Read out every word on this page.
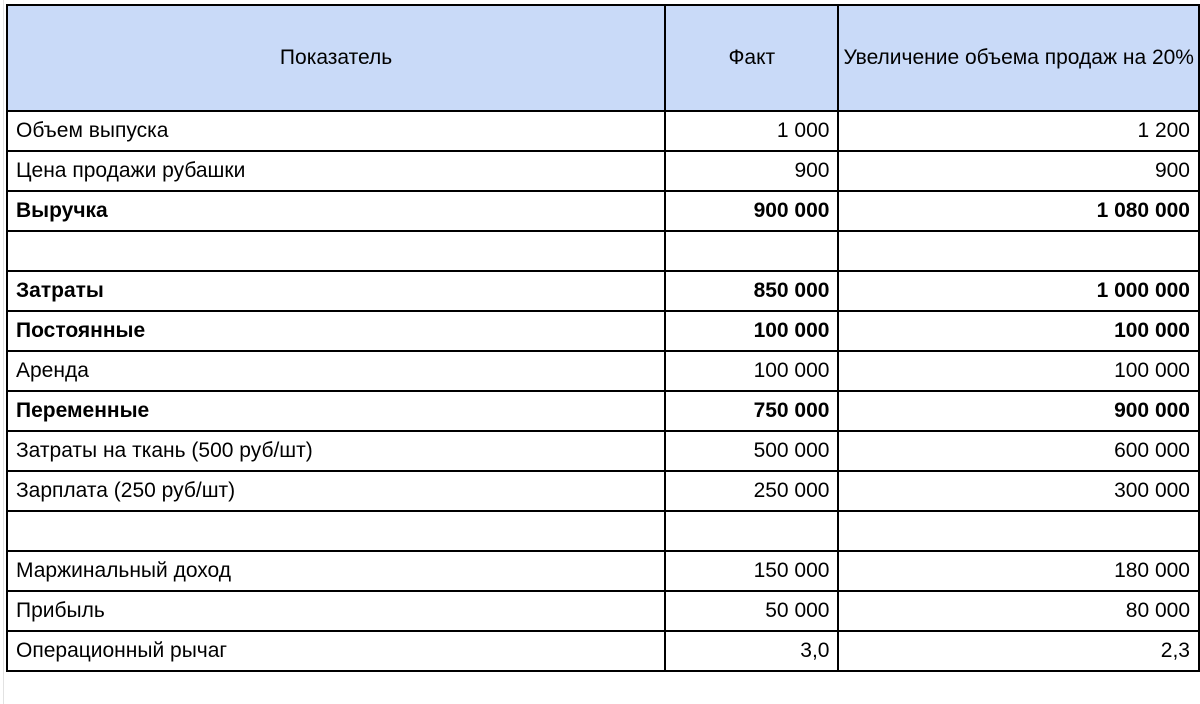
Показатель	Факт	Увеличение объема продаж на 20%
Объем выпуска	1 000	1 200
Цена продажи рубашки	900	900
Выручка	900 000	1 080 000

Затраты	850 000	1 000 000
Постоянные	100 000	100 000
Аренда	100 000	100 000
Переменные	750 000	900 000
Затраты на ткань (500 руб/шт)	500 000	600 000
Зарплата (250 руб/шт)	250 000	300 000

Маржинальный доход	150 000	180 000
Прибыль	50 000	80 000
Операционный рычаг	3,0	2,3
